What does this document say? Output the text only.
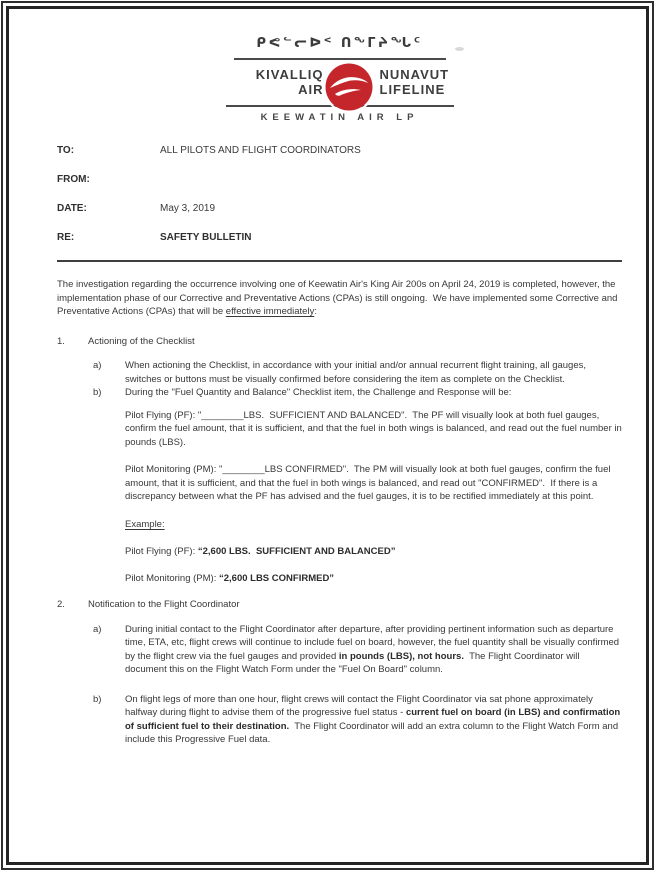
ᑭᕙᓪᓕᐅᑉ ᑎᖕᒥᔨᖓᑦ
KIVALLIQ
AIR
NUNAVUT
LIFELINE
KEEWATIN AIR LP
TO:	ALL PILOTS AND FLIGHT COORDINATORS
FROM:
DATE:	May 3, 2019
RE:	SAFETY BULLETIN

The investigation regarding the occurrence involving one of Keewatin Air's King Air 200s on April 24, 2019 is completed, however, the implementation phase of our Corrective and Preventative Actions (CPAs) is still ongoing.  We have implemented some Corrective and Preventative Actions (CPAs) that will be effective immediately:

1.	Actioning of the Checklist
a)	When actioning the Checklist, in accordance with your initial and/or annual recurrent flight training, all gauges, switches or buttons must be visually confirmed before considering the item as complete on the Checklist.
b)	During the "Fuel Quantity and Balance" Checklist item, the Challenge and Response will be:

Pilot Flying (PF): "________LBS.  SUFFICIENT AND BALANCED".  The PF will visually look at both fuel gauges, confirm the fuel amount, that it is sufficient, and that the fuel in both wings is balanced, and read out the fuel number in pounds (LBS).

Pilot Monitoring (PM): "________LBS CONFIRMED".  The PM will visually look at both fuel gauges, confirm the fuel amount, that it is sufficient, and that the fuel in both wings is balanced, and read out "CONFIRMED".  If there is a discrepancy between what the PF has advised and the fuel gauges, it is to be rectified immediately at this point.

Example:

Pilot Flying (PF): “2,600 LBS.  SUFFICIENT AND BALANCED”

Pilot Monitoring (PM): “2,600 LBS CONFIRMED”

2.	Notification to the Flight Coordinator
a)	During initial contact to the Flight Coordinator after departure, after providing pertinent information such as departure time, ETA, etc, flight crews will continue to include fuel on board, however, the fuel quantity shall be visually confirmed by the flight crew via the fuel gauges and provided in pounds (LBS), not hours.  The Flight Coordinator will document this on the Flight Watch Form under the "Fuel On Board" column.
b)	On flight legs of more than one hour, flight crews will contact the Flight Coordinator via sat phone approximately halfway during flight to advise them of the progressive fuel status - current fuel on board (in LBS) and confirmation of sufficient fuel to their destination.  The Flight Coordinator will add an extra column to the Flight Watch Form and include this Progressive Fuel data.
